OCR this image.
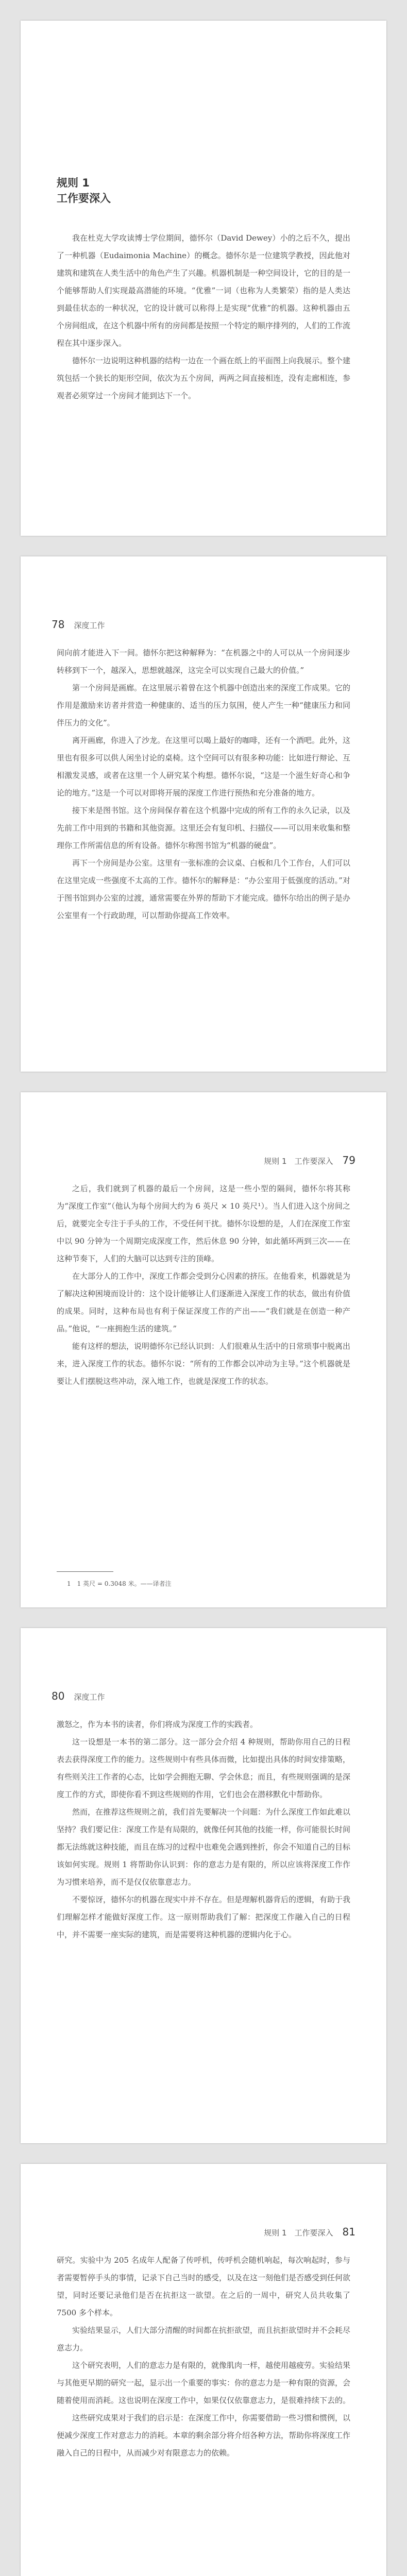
规则 1
工作要深入

我在杜克大学攻读博士学位期间，德怀尔（David Dewey）小的之后不久，提出了一种机器（Eudaimonia Machine）的概念。德怀尔是一位建筑学教授，因此他对建筑和建筑在人类生活中的角色产生了兴趣。机器机制是一种空间设计，它的目的是一个能够帮助人们实现最高潜能的环境。“优雅”一词（也称为人类繁荣）指的是人类达到最佳状态的一种状况，它的设计就可以称得上是实现“优雅”的机器。这种机器由五个房间组成，在这个机器中所有的房间都是按照一个特定的顺序排列的，人们的工作流程在其中逐步深入。

德怀尔一边说明这种机器的结构一边在一个画在纸上的平面图上向我展示。整个建筑包括一个狭长的矩形空间，依次为五个房间，两两之间直接相连，没有走廊相连，参观者必须穿过一个房间才能到达下一个。

78 深度工作

间向前才能进入下一间。德怀尔把这种解释为：“在机器之中的人可以从一个房间逐步转移到下一个，越深入，思想就越深，这完全可以实现自己最大的价值。”

第一个房间是画廊。在这里展示着曾在这个机器中创造出来的深度工作成果。它的作用是激励来访者并营造一种健康的、适当的压力氛围，使人产生一种“健康压力和同伴压力的文化”。

离开画廊，你进入了沙龙。在这里可以喝上最好的咖啡，还有一个酒吧。此外，这里也有很多可以供人闲坐讨论的桌椅。这个空间可以有很多种功能：比如进行辩论、互相激发灵感，或者在这里一个人研究某个构想。德怀尔说，“这是一个滋生好奇心和争论的地方。”这是一个可以对即将开展的深度工作进行预热和充分准备的地方。

接下来是图书馆。这个房间保存着在这个机器中完成的所有工作的永久记录，以及先前工作中用到的书籍和其他资源。这里还会有复印机、扫描仪——可以用来收集和整理你工作所需信息的所有设备。德怀尔称图书馆为“机器的硬盘”。

再下一个房间是办公室。这里有一张标准的会议桌、白板和几个工作台，人们可以在这里完成一些强度不太高的工作。德怀尔的解释是：“办公室用于低强度的活动。”对于图书馆到办公室的过渡，通常需要在外界的帮助下才能完成。德怀尔给出的例子是办公室里有一个行政助理，可以帮助你提高工作效率。

规则 1　工作要深入 79

之后，我们就到了机器的最后一个房间，这是一些小型的隔间，德怀尔将其称为“深度工作室”（他认为每个房间大约为 6 英尺 × 10 英尺¹）。当人们进入这个房间之后，就要完全专注于手头的工作，不受任何干扰。德怀尔设想的是，人们在深度工作室中以 90 分钟为一个周期完成深度工作，然后休息 90 分钟，如此循环两到三次——在这种节奏下，人们的大脑可以达到专注的顶峰。

在大部分人的工作中，深度工作都会受到分心因素的挤压。在他看来，机器就是为了解决这种困境而设计的：这个设计能够让人们逐渐进入深度工作的状态，做出有价值的成果。同时，这种布局也有利于保证深度工作的产出——“我们就是在创造一种产品。”他说，“一座拥抱生活的建筑。”

能有这样的想法，说明德怀尔已经认识到：人们很难从生活中的日常琐事中脱离出来，进入深度工作的状态。德怀尔说：“所有的工作都会以冲动为主导。”这个机器就是要让人们摆脱这些冲动，深入地工作，也就是深度工作的状态。

1　1 英尺 = 0.3048 米。——译者注
80 深度工作

激怒之，作为本书的读者，你们将成为深度工作的实践者。

这一设想是一本书的第二部分。这一部分会介绍 4 种规则，帮助你用自己的日程表去获得深度工作的能力。这些规则中有些具体而微，比如提出具体的时间安排策略，有些则关注工作者的心态，比如学会拥抱无聊、学会休息；而且，有些规则强调的是深度工作的方式，即使你看不到这些规则的作用，它们也会在潜移默化中帮助你。

然而，在推荐这些规则之前，我们首先要解决一个问题：为什么深度工作如此难以坚持？我们要记住：深度工作是有局限的，就像任何其他的技能一样，你可能很长时间都无法练就这种技能，而且在练习的过程中也难免会遇到挫折，你会不知道自己的目标该如何实现。规则 1 将帮助你认识到：你的意志力是有限的，所以应该将深度工作作为习惯来培养，而不是仅仅依靠意志力。

不要惊讶，德怀尔的机器在现实中并不存在。但是理解机器背后的逻辑，有助于我们理解怎样才能做好深度工作。这一原则帮助我们了解：把深度工作融入自己的日程中，并不需要一座实际的建筑，而是需要将这种机器的逻辑内化于心。

规则 1　工作要深入 81

研究。实验中为 205 名成年人配备了传呼机，传呼机会随机响起，每次响起时，参与者需要暂停手头的事情，记录下自己当时的感受，以及在这一刻他们是否感受到任何欲望，同时还要记录他们是否在抗拒这一欲望。在之后的一周中，研究人员共收集了 7500 多个样本。

实验结果显示，人们大部分清醒的时间都在抗拒欲望，而且抗拒欲望时并不会耗尽意志力。

这个研究表明，人们的意志力是有限的，就像肌肉一样，越使用越疲劳。实验结果与其他更早期的研究一起，显示出一个重要的事实：你的意志力是一种有限的资源，会随着使用而消耗。这也说明在深度工作中，如果仅仅依靠意志力，是很难持续下去的。

这些研究成果对于我们的启示是：在深度工作中，你需要借助一些习惯和惯例，以便减少深度工作对意志力的消耗。本章的剩余部分将介绍各种方法，帮助你将深度工作融入自己的日程中，从而减少对有限意志力的依赖。
